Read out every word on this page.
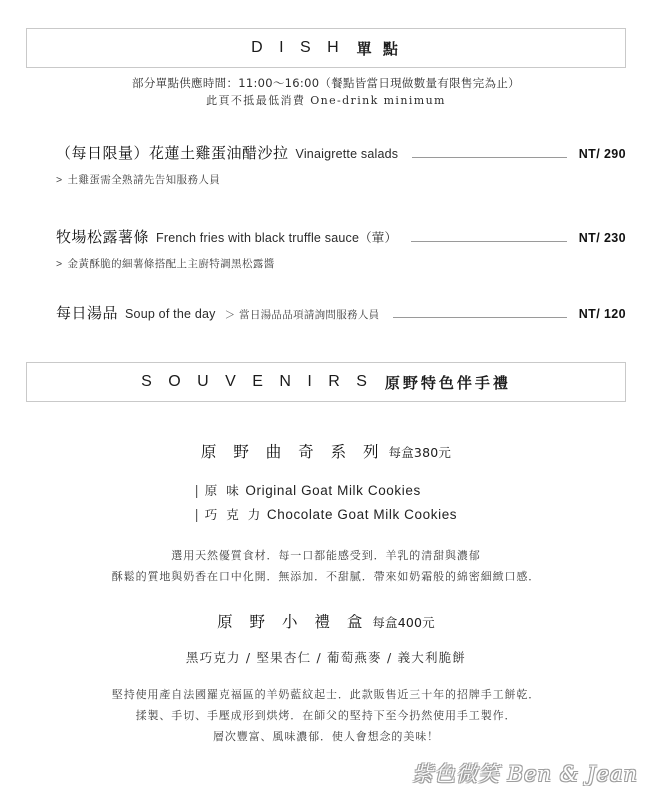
D I S H 單 點
部分單點供應時間：11:00～16:00（餐點皆當日現做數量有限售完為止）
此頁不抵最低消費 One-drink minimum
（每日限量）花蓮土雞蛋油醋沙拉 Vinaigrette salads	NT/ 290
> 土雞蛋需全熟請先告知服務人員
牧場松露薯條 French fries with black truffle sauce（葷）	NT/ 230
> 金黃酥脆的細薯條搭配上主廚特調黑松露醬
每日湯品 Soup of the day ＞ 當日湯品品項請詢問服務人員	NT/ 120
S O U V E N I R S 原野特色伴手禮
原 野 曲 奇 系 列 每盒380元
| 原 味 Original Goat Milk Cookies
| 巧 克 力 Chocolate Goat Milk Cookies
選用天然優質食材．每一口都能感受到．羊乳的清甜與濃郁
酥鬆的質地與奶香在口中化開．無添加．不甜膩．帶來如奶霜般的綿密細緻口感．
原 野 小 禮 盒 每盒400元
黑巧克力 / 堅果杏仁 / 葡萄燕麥 / 義大利脆餅
堅持使用產自法國羅克福區的羊奶藍紋起士．此款販售近三十年的招牌手工餅乾．
揉製、手切、手壓成形到烘烤．在師父的堅持下至今扔然使用手工製作．
層次豐富、風味濃郁．使人會想念的美味！
紫色微笑 Ben & Jean
